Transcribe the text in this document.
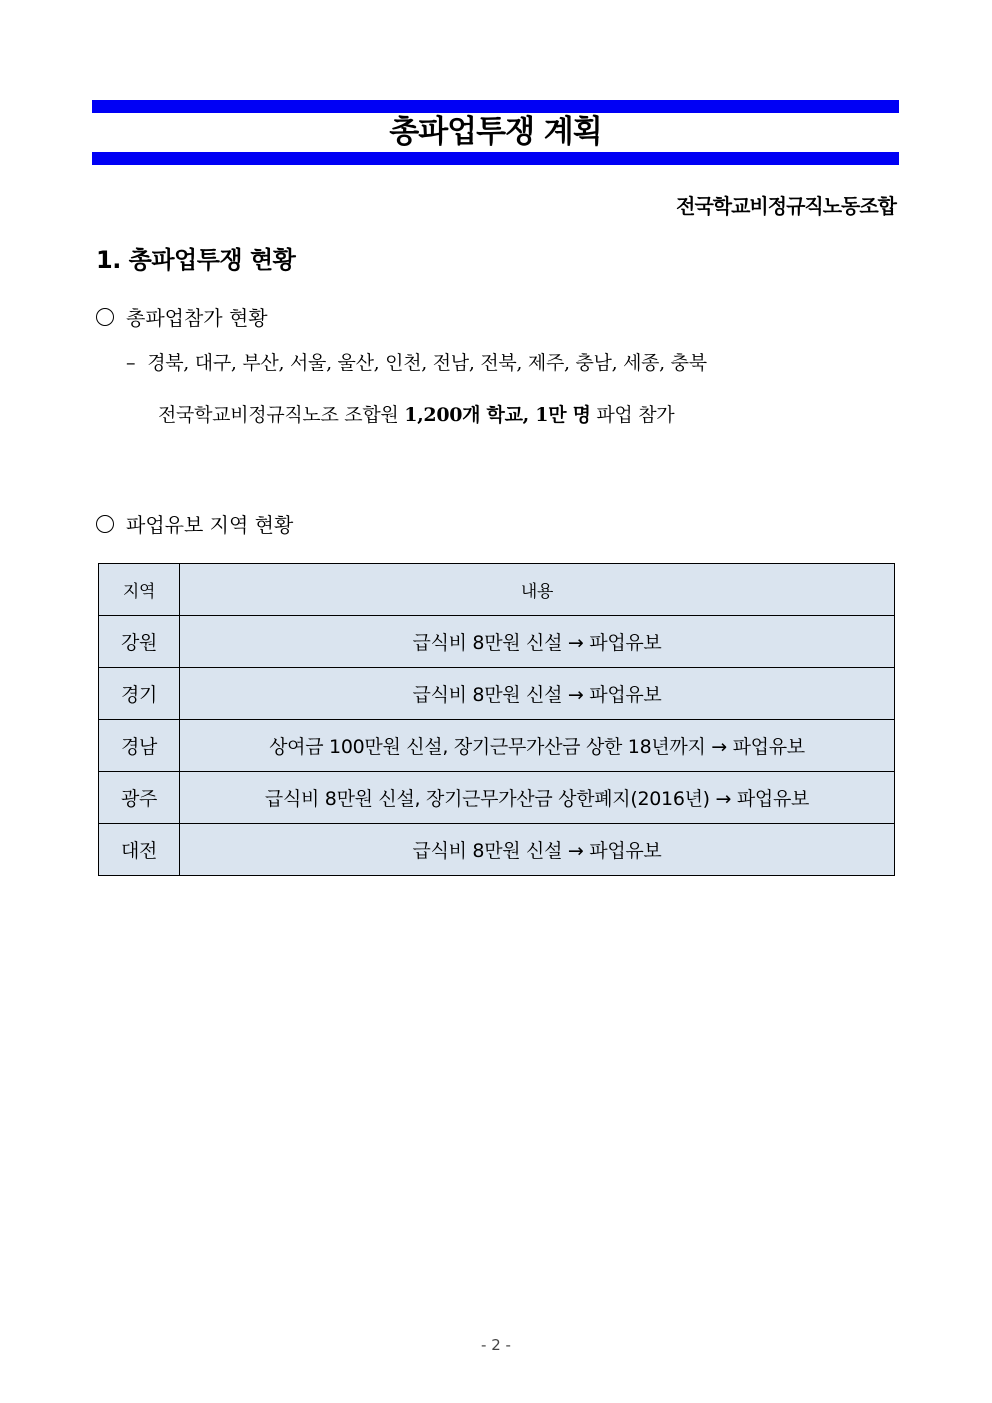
총파업투쟁 계획
전국학교비정규직노동조합
1. 총파업투쟁 현황
총파업참가 현황
– 경북, 대구, 부산, 서울, 울산, 인천, 전남, 전북, 제주, 충남, 세종, 충북
전국학교비정규직노조 조합원 1,200개 학교, 1만 명 파업 참가
파업유보 지역 현황
지역	내용
강원	급식비 8만원 신설 → 파업유보
경기	급식비 8만원 신설 → 파업유보
경남	상여금 100만원 신설, 장기근무가산금 상한 18년까지 → 파업유보
광주	급식비 8만원 신설, 장기근무가산금 상한폐지(2016년) → 파업유보
대전	급식비 8만원 신설 → 파업유보
- 2 -
